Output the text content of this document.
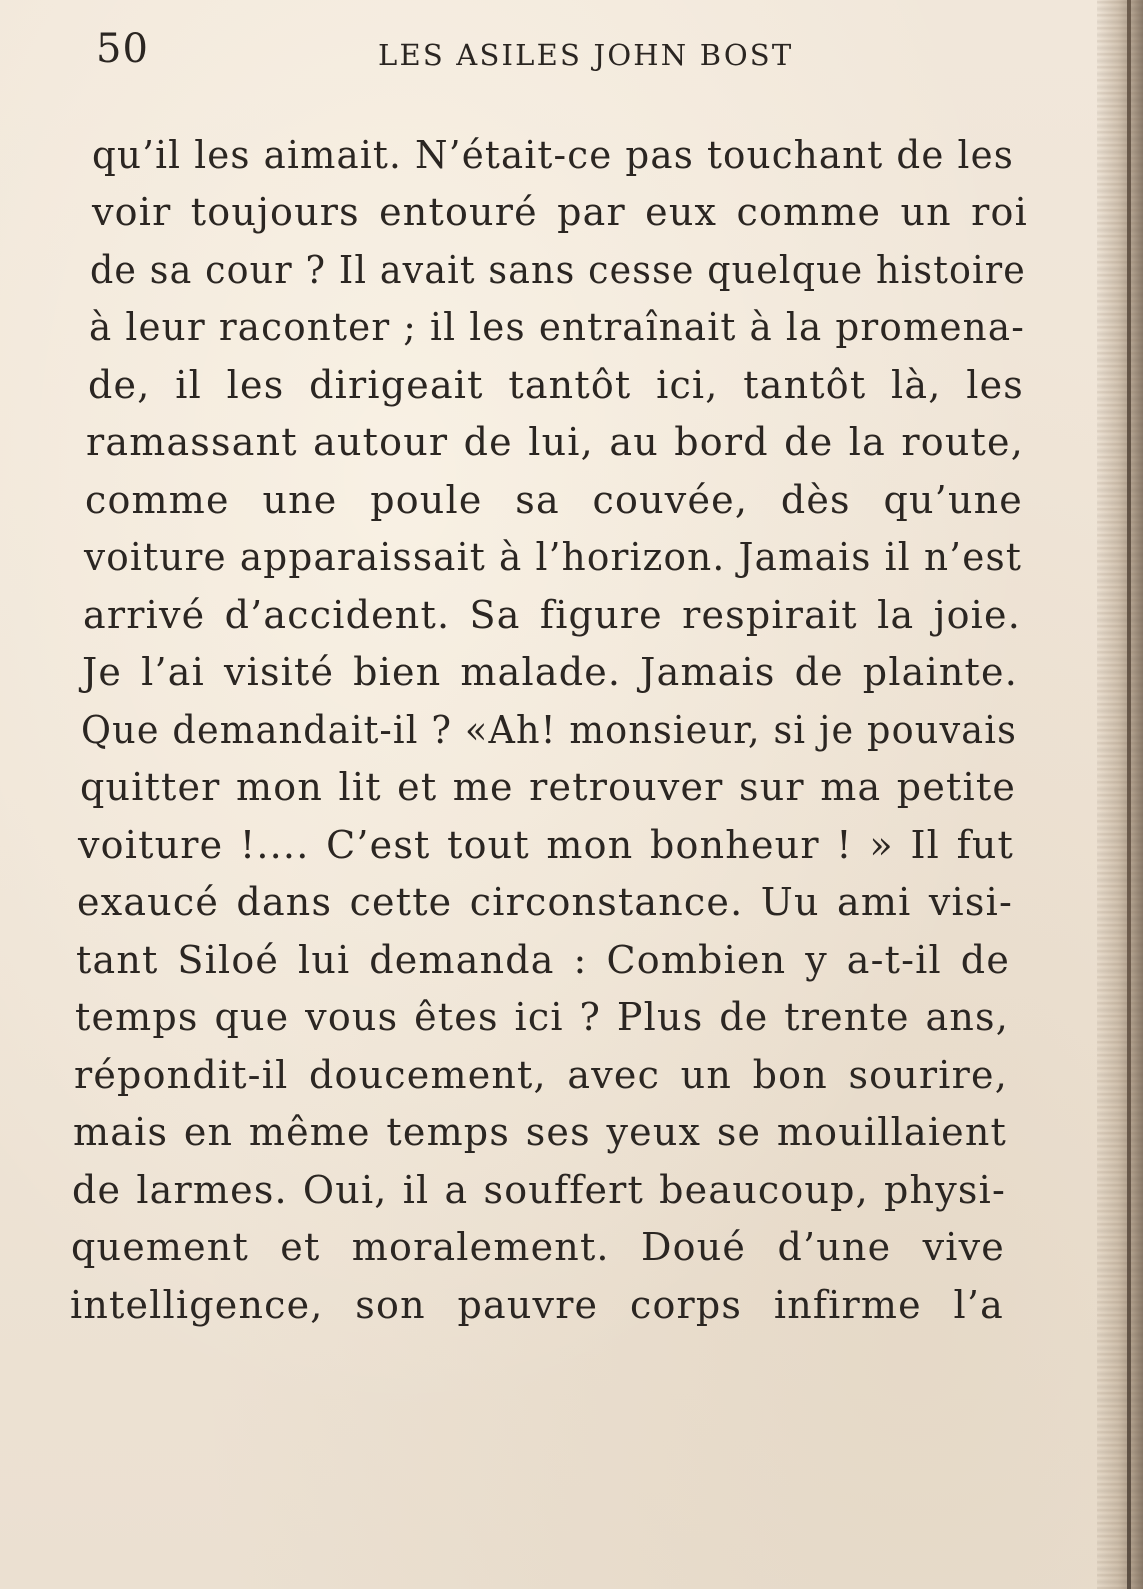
50	LES ASILES JOHN BOST
qu’il les aimait. N’était-ce pas touchant de les
voir toujours entouré par eux comme un roi
de sa cour ? Il avait sans cesse quelque histoire
à leur raconter ; il les entraînait à la promena-
de, il les dirigeait tantôt ici, tantôt là, les
ramassant autour de lui, au bord de la route,
comme une poule sa couvée, dès qu’une
voiture apparaissait à l’horizon. Jamais il n’est
arrivé d’accident. Sa figure respirait la joie.
Je l’ai visité bien malade. Jamais de plainte.
Que demandait-il ? «Ah! monsieur, si je pouvais
quitter mon lit et me retrouver sur ma petite
voiture !.... C’est tout mon bonheur ! » Il fut
exaucé dans cette circonstance. Uu ami visi-
tant Siloé lui demanda : Combien y a-t-il de
temps que vous êtes ici ? Plus de trente ans,
répondit-il doucement, avec un bon sourire,
mais en même temps ses yeux se mouillaient
de larmes. Oui, il a souffert beaucoup, physi-
quement et moralement. Doué d’une vive
intelligence, son pauvre corps infirme l’a
